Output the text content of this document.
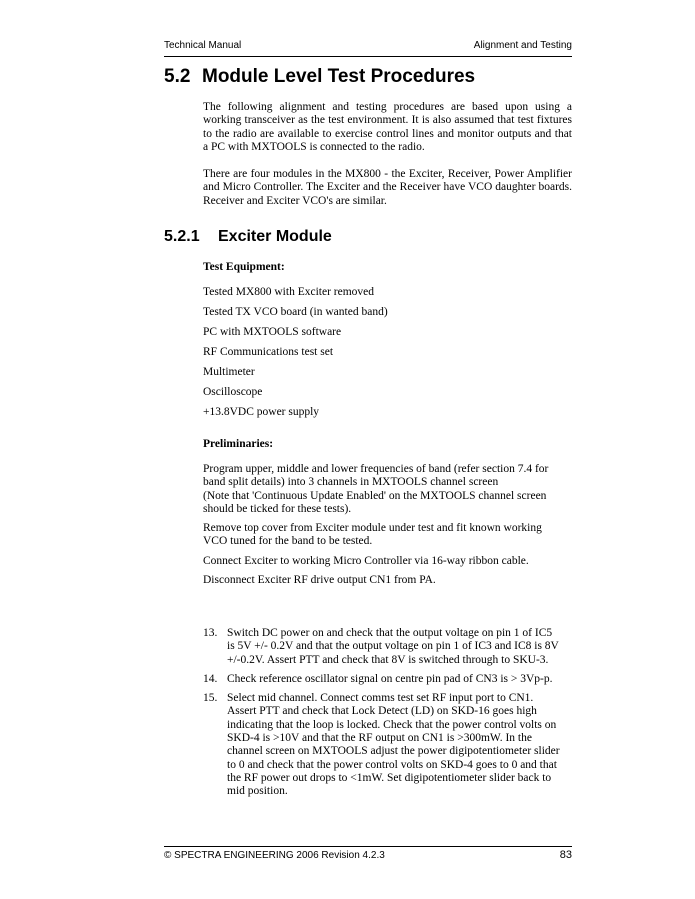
Technical Manual	Alignment and Testing
5.2 Module Level Test Procedures
The following alignment and testing procedures are based upon using a working transceiver as the test environment. It is also assumed that test fixtures to the radio are available to exercise control lines and monitor outputs and that a PC with MXTOOLS is connected to the radio.
There are four modules in the MX800 - the Exciter, Receiver, Power Amplifier and Micro Controller. The Exciter and the Receiver have VCO daughter boards. Receiver and Exciter VCO's are similar.
5.2.1 Exciter Module
Test Equipment:
Tested MX800 with Exciter removed
Tested TX VCO board (in wanted band)
PC with MXTOOLS software
RF Communications test set
Multimeter
Oscilloscope
+13.8VDC power supply
Preliminaries:

Program upper, middle and lower frequencies of band (refer section 7.4 for
band split details) into 3 channels in MXTOOLS channel screen
(Note that 'Continuous Update Enabled' on the MXTOOLS channel screen
should be ticked for these tests).

Remove top cover from Exciter module under test and fit known working
VCO tuned for the band to be tested.

Connect Exciter to working Micro Controller via 16-way ribbon cable.

Disconnect Exciter RF drive output CN1 from PA.

13. Switch DC power on and check that the output voltage on pin 1 of IC5
is 5V +/- 0.2V and that the output voltage on pin 1 of IC3 and IC8 is 8V
+/-0.2V. Assert PTT and check that 8V is switched through to SKU-3.
14. Check reference oscillator signal on centre pin pad of CN3 is > 3Vp-p.
15. Select mid channel. Connect comms test set RF input port to CN1.
Assert PTT and check that Lock Detect (LD) on SKD-16 goes high
indicating that the loop is locked. Check that the power control volts on
SKD-4 is >10V and that the RF output on CN1 is >300mW. In the
channel screen on MXTOOLS adjust the power digipotentiometer slider
to 0 and check that the power control volts on SKD-4 goes to 0 and that
the RF power out drops to <1mW. Set digipotentiometer slider back to
mid position.
© SPECTRA ENGINEERING 2006 Revision 4.2.3	83
